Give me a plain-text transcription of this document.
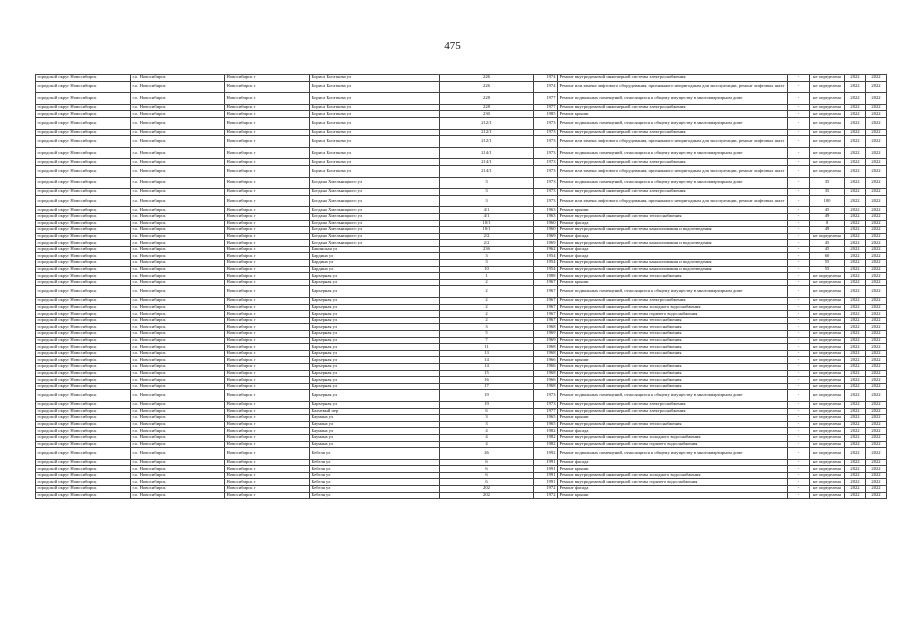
475
городской округ Новосибирск	г.о. Новосибирск	Новосибирск г	Бориса Богаткова ул	226	1974	Ремонт внутридомовой инженерной системы электроснабжения	-	не определена	2022	2022
городской округ Новосибирск	г.о. Новосибирск	Новосибирск г	Бориса Богаткова ул	226	1974	Ремонт или замена лифтового оборудования, признанного непригодным для эксплуатации, ремонт лифтовых шахт	-	не определена	2022	2022
городской округ Новосибирск	г.о. Новосибирск	Новосибирск г	Бориса Богаткова ул	228	1977	Ремонт подвальных помещений, относящихся к общему имуществу в многоквартирном доме	-	не определена	2022	2022
городской округ Новосибирск	г.о. Новосибирск	Новосибирск г	Бориса Богаткова ул	228	1977	Ремонт внутридомовой инженерной системы электроснабжения	-	не определена	2022	2022
городской округ Новосибирск	г.о. Новосибирск	Новосибирск г	Бориса Богаткова ул	230	1985	Ремонт крыши	-	не определена	2022	2022
городской округ Новосибирск	г.о. Новосибирск	Новосибирск г	Бориса Богаткова ул	212/1	1973	Ремонт подвальных помещений, относящихся к общему имуществу в многоквартирном доме	-	не определена	2022	2022
городской округ Новосибирск	г.о. Новосибирск	Новосибирск г	Бориса Богаткова ул	212/1	1973	Ремонт внутридомовой инженерной системы электроснабжения	-	не определена	2022	2022
городской округ Новосибирск	г.о. Новосибирск	Новосибирск г	Бориса Богаткова ул	212/1	1973	Ремонт или замена лифтового оборудования, признанного непригодным для эксплуатации, ремонт лифтовых шахт	-	не определена	2022	2022
городской округ Новосибирск	г.о. Новосибирск	Новосибирск г	Бориса Богаткова ул	214/1	1973	Ремонт подвальных помещений, относящихся к общему имуществу в многоквартирном доме	-	не определена	2022	2022
городской округ Новосибирск	г.о. Новосибирск	Новосибирск г	Бориса Богаткова ул	214/1	1973	Ремонт внутридомовой инженерной системы электроснабжения	-	не определена	2022	2022
городской округ Новосибирск	г.о. Новосибирск	Новосибирск г	Бориса Богаткова ул	214/1	1973	Ремонт или замена лифтового оборудования, признанного непригодным для эксплуатации, ремонт лифтовых шахт	-	не определена	2022	2022
городской округ Новосибирск	г.о. Новосибирск	Новосибирск г	Богдана Хмельницкого ул	3	1973	Ремонт подвальных помещений, относящихся к общему имуществу в многоквартирном доме	-	35	2022	2022
городской округ Новосибирск	г.о. Новосибирск	Новосибирск г	Богдана Хмельницкого ул	3	1973	Ремонт внутридомовой инженерной системы электроснабжения	-	35	2022	2022
городской округ Новосибирск	г.о. Новосибирск	Новосибирск г	Богдана Хмельницкого ул	3	1973	Ремонт или замена лифтового оборудования, признанного непригодным для эксплуатации, ремонт лифтовых шахт	-	100	2022	2022
городской округ Новосибирск	г.о. Новосибирск	Новосибирск г	Богдана Хмельницкого ул	4/1	1963	Ремонт крыши	-	45	2022	2022
городской округ Новосибирск	г.о. Новосибирск	Новосибирск г	Богдана Хмельницкого ул	4/1	1963	Ремонт внутридомовой инженерной системы теплоснабжения	-	49	2022	2022
городской округ Новосибирск	г.о. Новосибирск	Новосибирск г	Богдана Хмельницкого ул	10/1	1960	Ремонт фасада	-	0	2022	2022
городской округ Новосибирск	г.о. Новосибирск	Новосибирск г	Богдана Хмельницкого ул	10/1	1960	Ремонт внутридомовой инженерной системы канализования и водоотведения	-	49	2022	2022
городской округ Новосибирск	г.о. Новосибирск	Новосибирск г	Богдана Хмельницкого ул	2/2	1969	Ремонт фасада	-	не определена	2022	2022
городской округ Новосибирск	г.о. Новосибирск	Новосибирск г	Богдана Хмельницкого ул	2/2	1969	Ремонт внутридомовой инженерной системы канализования и водоотведения	-	45	2022	2022
городской округ Новосибирск	г.о. Новосибирск	Новосибирск г	Бакинская ул	23б	1962	Ремонт фасада	-	45	2022	2022
городской округ Новосибирск	г.о. Новосибирск	Новосибирск г	Бардина ул	3	1954	Ремонт фасада	-	60	2022	2022
городской округ Новосибирск	г.о. Новосибирск	Новосибирск г	Бардина ул	3	1954	Ремонт внутридомовой инженерной системы канализования и водоотведения	-	55	2022	2022
городской округ Новосибирск	г.о. Новосибирск	Новосибирск г	Бардина ул	10	1954	Ремонт внутридомовой инженерной системы канализования и водоотведения	-	55	2022	2022
городской округ Новосибирск	г.о. Новосибирск	Новосибирск г	Барьерная ул	1	1988	Ремонт внутридомовой инженерной системы теплоснабжения	-	не определена	2022	2022
городской округ Новосибирск	г.о. Новосибирск	Новосибирск г	Барьерная ул	2	1967	Ремонт крыши	-	не определена	2022	2022
городской округ Новосибирск	г.о. Новосибирск	Новосибирск г	Барьерная ул	2	1967	Ремонт подвальных помещений, относящихся к общему имуществу в многоквартирном доме	-	не определена	2022	2022
городской округ Новосибирск	г.о. Новосибирск	Новосибирск г	Барьерная ул	2	1967	Ремонт внутридомовой инженерной системы электроснабжения	-	не определена	2022	2022
городской округ Новосибирск	г.о. Новосибирск	Новосибирск г	Барьерная ул	2	1967	Ремонт внутридомовой инженерной системы холодного водоснабжения	-	не определена	2022	2022
городской округ Новосибирск	г.о. Новосибирск	Новосибирск г	Барьерная ул	2	1967	Ремонт внутридомовой инженерной системы горячего водоснабжения	-	не определена	2022	2022
городской округ Новосибирск	г.о. Новосибирск	Новосибирск г	Барьерная ул	2	1967	Ремонт внутридомовой инженерной системы теплоснабжения	-	не определена	2022	2022
городской округ Новосибирск	г.о. Новосибирск	Новосибирск г	Барьерная ул	3	1968	Ремонт внутридомовой инженерной системы теплоснабжения	-	не определена	2022	2022
городской округ Новосибирск	г.о. Новосибирск	Новосибирск г	Барьерная ул	5	1969	Ремонт внутридомовой инженерной системы теплоснабжения	-	не определена	2022	2022
городской округ Новосибирск	г.о. Новосибирск	Новосибирск г	Барьерная ул	7	1969	Ремонт внутридомовой инженерной системы теплоснабжения	-	не определена	2022	2022
городской округ Новосибирск	г.о. Новосибирск	Новосибирск г	Барьерная ул	11	1968	Ремонт внутридомовой инженерной системы теплоснабжения	-	не определена	2022	2022
городской округ Новосибирск	г.о. Новосибирск	Новосибирск г	Барьерная ул	13	1968	Ремонт внутридомовой инженерной системы теплоснабжения	-	не определена	2022	2022
городской округ Новосибирск	г.о. Новосибирск	Новосибирск г	Барьерная ул	14	1966	Ремонт крыши	-	не определена	2022	2022
городской округ Новосибирск	г.о. Новосибирск	Новосибирск г	Барьерная ул	14	1966	Ремонт внутридомовой инженерной системы теплоснабжения	-	не определена	2022	2022
городской округ Новосибирск	г.о. Новосибирск	Новосибирск г	Барьерная ул	15	1968	Ремонт внутридомовой инженерной системы теплоснабжения	-	не определена	2022	2022
городской округ Новосибирск	г.о. Новосибирск	Новосибирск г	Барьерная ул	16	1966	Ремонт внутридомовой инженерной системы теплоснабжения	-	не определена	2022	2022
городской округ Новосибирск	г.о. Новосибирск	Новосибирск г	Барьерная ул	17	1968	Ремонт внутридомовой инженерной системы теплоснабжения	-	не определена	2022	2022
городской округ Новосибирск	г.о. Новосибирск	Новосибирск г	Барьерная ул	19	1973	Ремонт подвальных помещений, относящихся к общему имуществу в многоквартирном доме	-	не определена	2022	2022
городской округ Новосибирск	г.о. Новосибирск	Новосибирск г	Барьерная ул	19	1973	Ремонт внутридомовой инженерной системы электроснабжения	-	не определена	2022	2022
городской округ Новосибирск	г.о. Новосибирск	Новосибирск г	Бахчевый пер	6	1977	Ремонт внутридомовой инженерной системы электроснабжения	-	не определена	2022	2022
городской округ Новосибирск	г.о. Новосибирск	Новосибирск г	Баумана ул	3	1965	Ремонт крыши	-	не определена	2022	2022
городской округ Новосибирск	г.о. Новосибирск	Новосибирск г	Баумана ул	3	1965	Ремонт внутридомовой инженерной системы теплоснабжения	-	не определена	2022	2022
городской округ Новосибирск	г.о. Новосибирск	Новосибирск г	Баумана ул	4	1982	Ремонт фасада	-	не определена	2022	2022
городской округ Новосибирск	г.о. Новосибирск	Новосибирск г	Баумана ул	4	1982	Ремонт внутридомовой инженерной системы холодного водоснабжения	-	не определена	2022	2022
городской округ Новосибирск	г.о. Новосибирск	Новосибирск г	Баумана ул	4	1982	Ремонт внутридомовой инженерной системы горячего водоснабжения	-	не определена	2022	2022
городской округ Новосибирск	г.о. Новосибирск	Новосибирск г	Бебеля ул	26	1992	Ремонт подвальных помещений, относящихся к общему имуществу в многоквартирном доме	-	не определена	2022	2022
городской округ Новосибирск	г.о. Новосибирск	Новосибирск г	Бебеля ул	6	1991	Ремонт фасада	-	не определена	2022	2022
городской округ Новосибирск	г.о. Новосибирск	Новосибирск г	Бебеля ул	6	1991	Ремонт крыши	-	не определена	2022	2022
городской округ Новосибирск	г.о. Новосибирск	Новосибирск г	Бебеля ул	6	1991	Ремонт внутридомовой инженерной системы холодного водоснабжения	-	не определена	2022	2022
городской округ Новосибирск	г.о. Новосибирск	Новосибирск г	Бебеля ул	6	1991	Ремонт внутридомовой инженерной системы горячего водоснабжения	-	не определена	2022	2022
городской округ Новосибирск	г.о. Новосибирск	Новосибирск г	Бебеля ул	202	1972	Ремонт фасада	-	не определена	2022	2022
городской округ Новосибирск	г.о. Новосибирск	Новосибирск г	Бебеля ул	202	1972	Ремонт крыши	-	не определена	2022	2022
